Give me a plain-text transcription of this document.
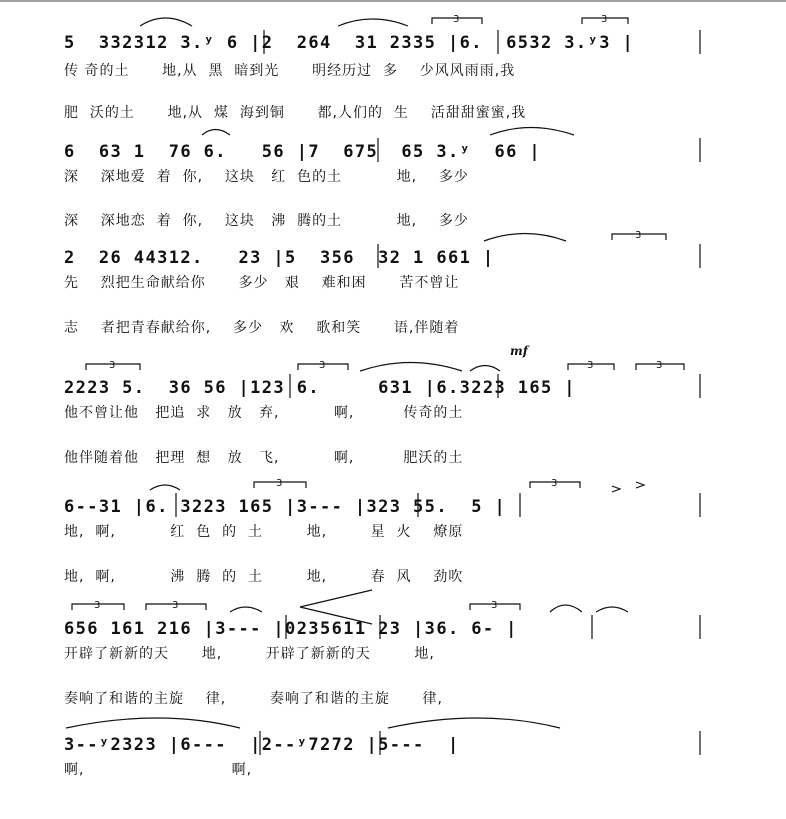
5  332312 3.ʸ 6 |2  264  31 2335 |6.  6532 3.ʸ3 |
传 奇的土      地,从  黑  暗到光      明经历过  多    少风风雨雨,我
肥  沃的土      地,从  煤  海到铜      都,人们的  生    活甜甜蜜蜜,我
6  63 1  76 6.   56 |7  675  65 3.ʸ  66 |
深    深地爱  着  你,    这块   红  色的土          地,    多少
深    深地恋  着  你,    这块   沸  腾的土          地,    多少
2  26 44312.   23 |5  356  32 1 661 |
先    烈把生命献给你      多少   艰    难和困      苦不曾让
志    者把青春献给你,    多少   欢    歌和笑      语,伴随着
2223 5.  36 56 |123 6.     631 |6.3223 165 |
他不曾让他   把追  求   放   弃,          啊,         传奇的土
他伴随着他   把理  想   放   飞,          啊,         肥沃的土
6--31 |6. 3223 165 |3--- |323 55.  5 |
地,  啊,          红  色  的  土        地,        星  火    燎原
地,  啊,          沸  腾  的  土        地,        春  风    劲吹
656 161 216 |3--- |0235611 23 |36. 6- |
开辟了新新的天      地,        开辟了新新的天        地,
奏响了和谐的主旋    律,        奏响了和谐的主旋      律,
3--ʸ2323 |6---  |2--ʸ7272 |5---  |
啊,                           啊,
mf
3	3
3
3	3	3	3
3	3
3	3	3
